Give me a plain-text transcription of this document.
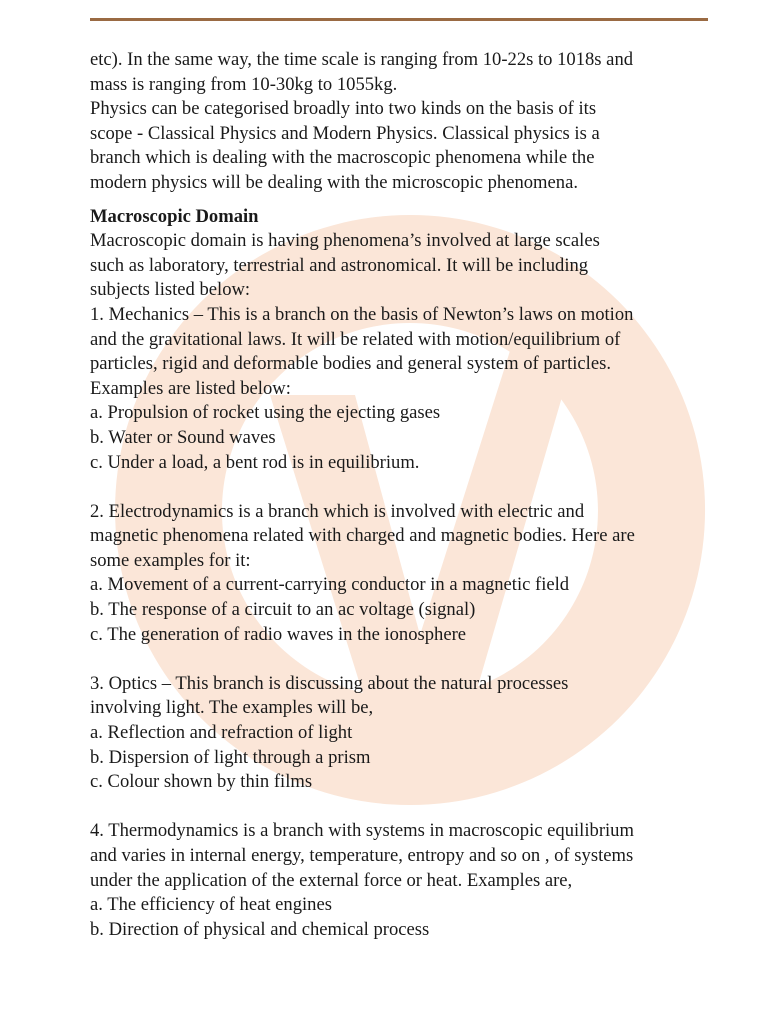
etc). In the same way, the time scale is ranging from 10-22s to 1018s and

mass is ranging from 10-30kg to 1055kg.

Physics can be categorised broadly into two kinds on the basis of its

scope - Classical Physics and Modern Physics. Classical physics is a

branch which is dealing with the macroscopic phenomena while the

modern physics will be dealing with the microscopic phenomena.

Macroscopic Domain

Macroscopic domain is having phenomena’s involved at large scales

such as laboratory, terrestrial and astronomical. It will be including

subjects listed below:

1. Mechanics – This is a branch on the basis of Newton’s laws on motion

and the gravitational laws. It will be related with motion/equilibrium of

particles, rigid and deformable bodies and general system of particles.

Examples are listed below:

a. Propulsion of rocket using the ejecting gases

b. Water or Sound waves

c. Under a load, a bent rod is in equilibrium.

2. Electrodynamics is a branch which is involved with electric and

magnetic phenomena related with charged and magnetic bodies. Here are

some examples for it:

a. Movement of a current-carrying conductor in a magnetic field

b. The response of a circuit to an ac voltage (signal)

c. The generation of radio waves in the ionosphere

3. Optics – This branch is discussing about the natural processes

involving light. The examples will be,

a. Reflection and refraction of light

b. Dispersion of light through a prism

c. Colour shown by thin films

4. Thermodynamics is a branch with systems in macroscopic equilibrium

and varies in internal energy, temperature, entropy and so on , of systems

under the application of the external force or heat. Examples are,

a. The efficiency of heat engines

b. Direction of physical and chemical process
